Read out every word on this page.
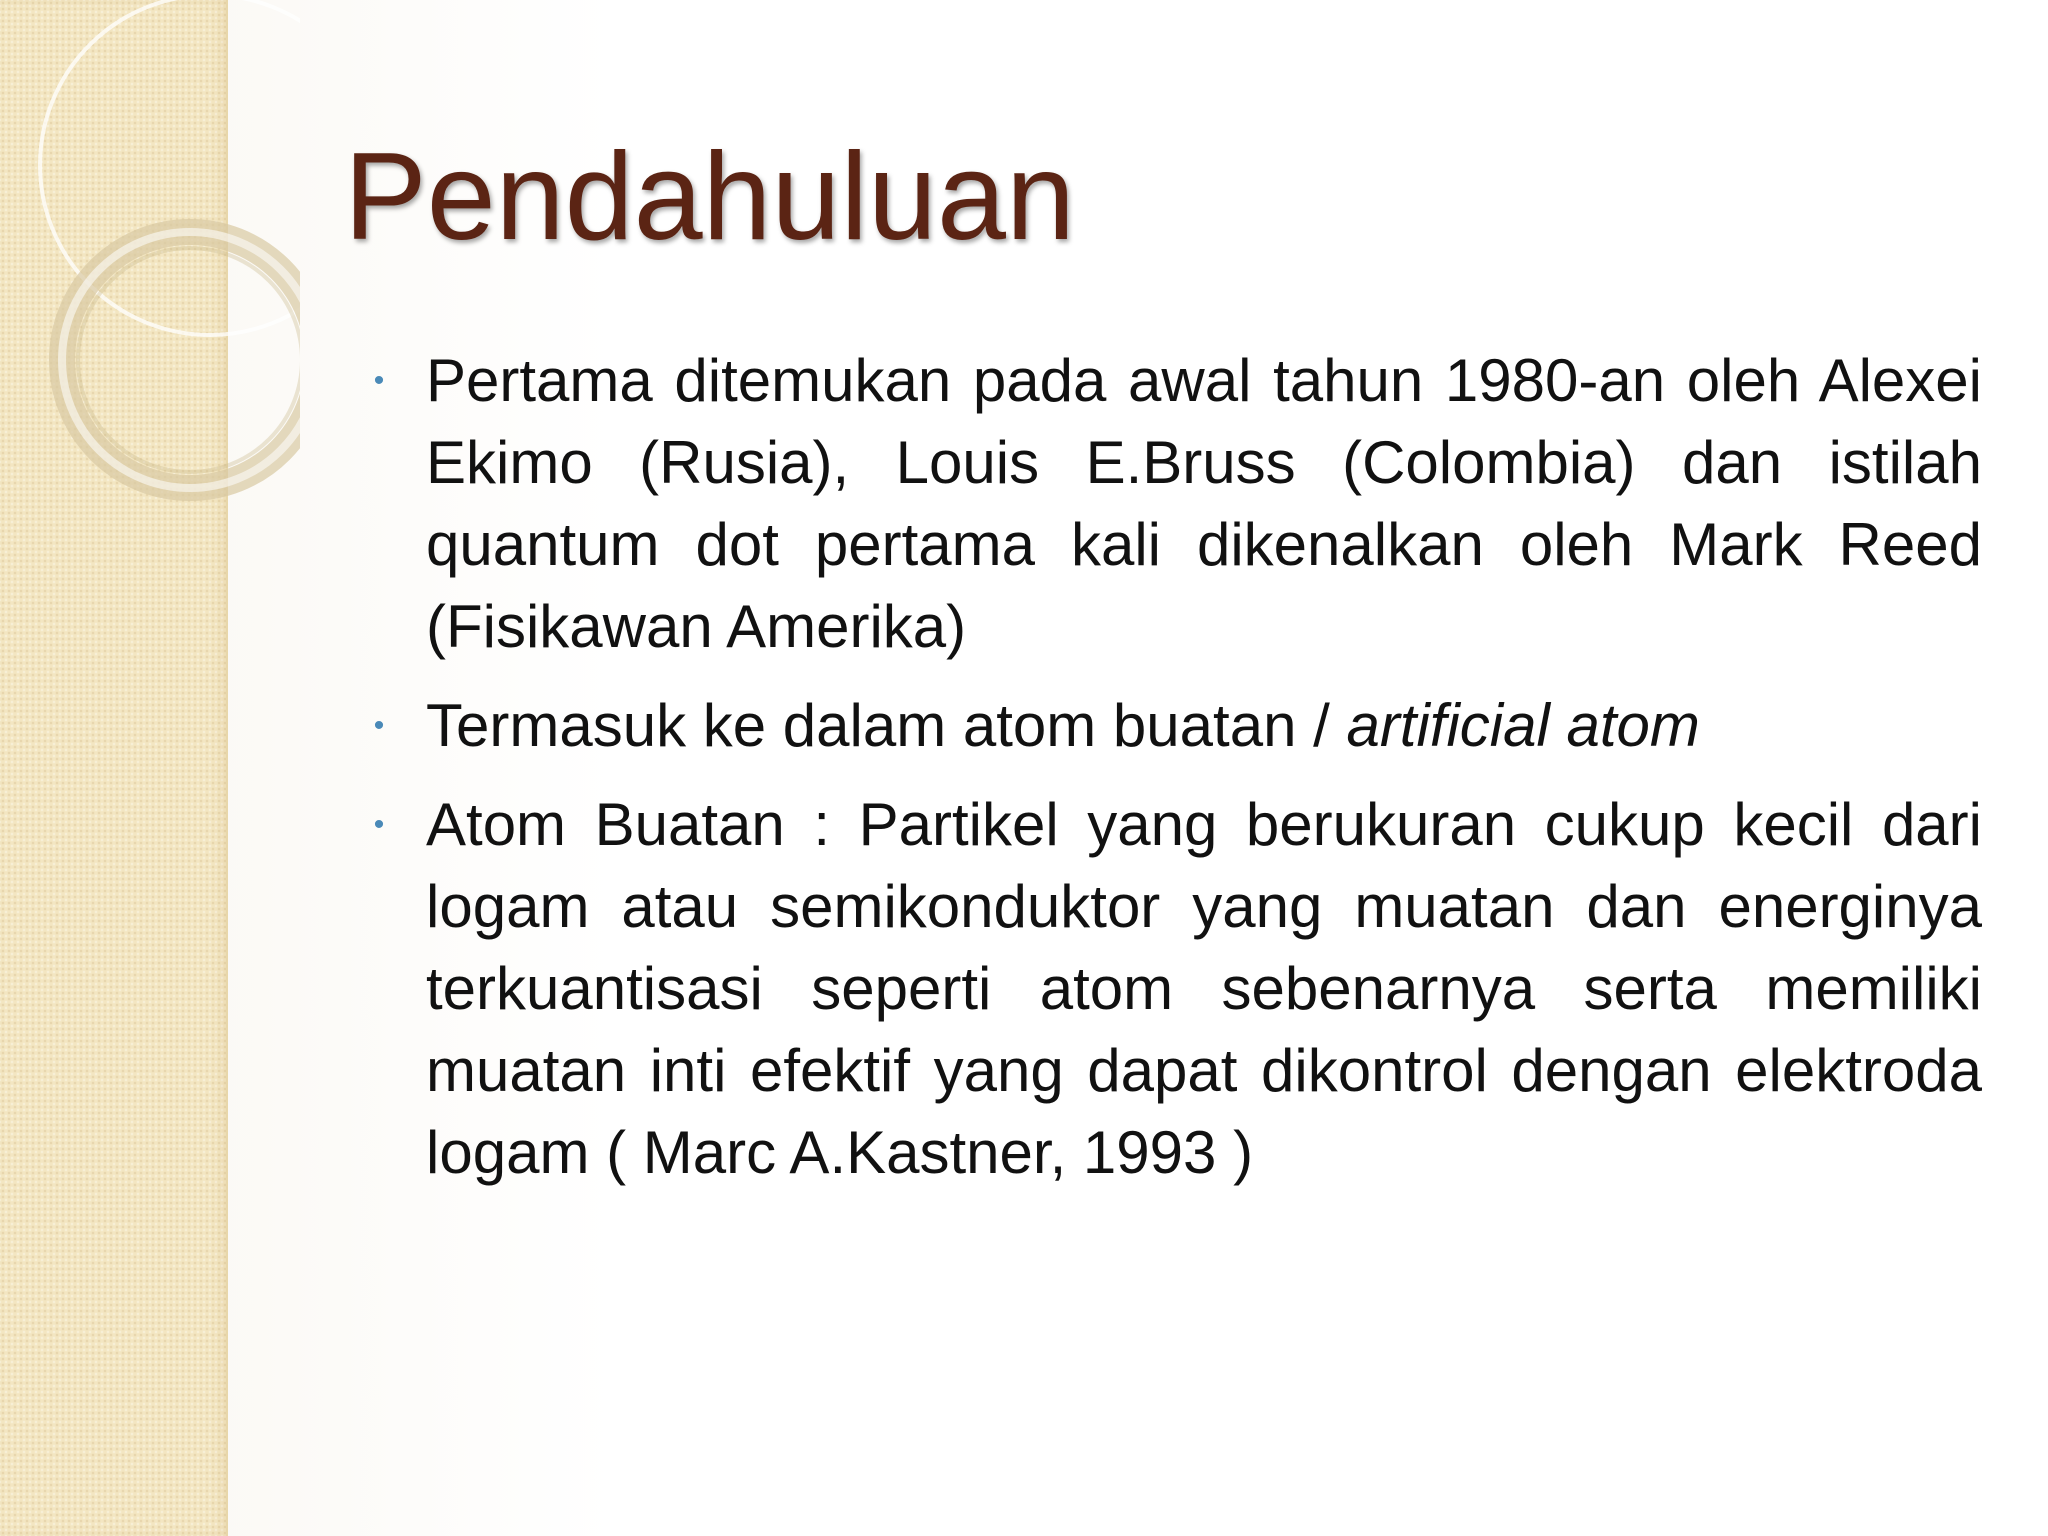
Pendahuluan

• Pertama ditemukan pada awal tahun 1980-an oleh Alexei Ekimo (Rusia), Louis E.Bruss (Colombia) dan istilah quantum dot pertama kali dikenalkan oleh Mark Reed (Fisikawan Amerika)

• Termasuk ke dalam atom buatan / artificial atom

• Atom Buatan : Partikel yang berukuran cukup kecil dari logam atau semikonduktor yang muatan dan energinya terkuantisasi seperti atom sebenarnya serta memiliki muatan inti efektif yang dapat dikontrol dengan elektroda logam ( Marc A.Kastner, 1993 )
